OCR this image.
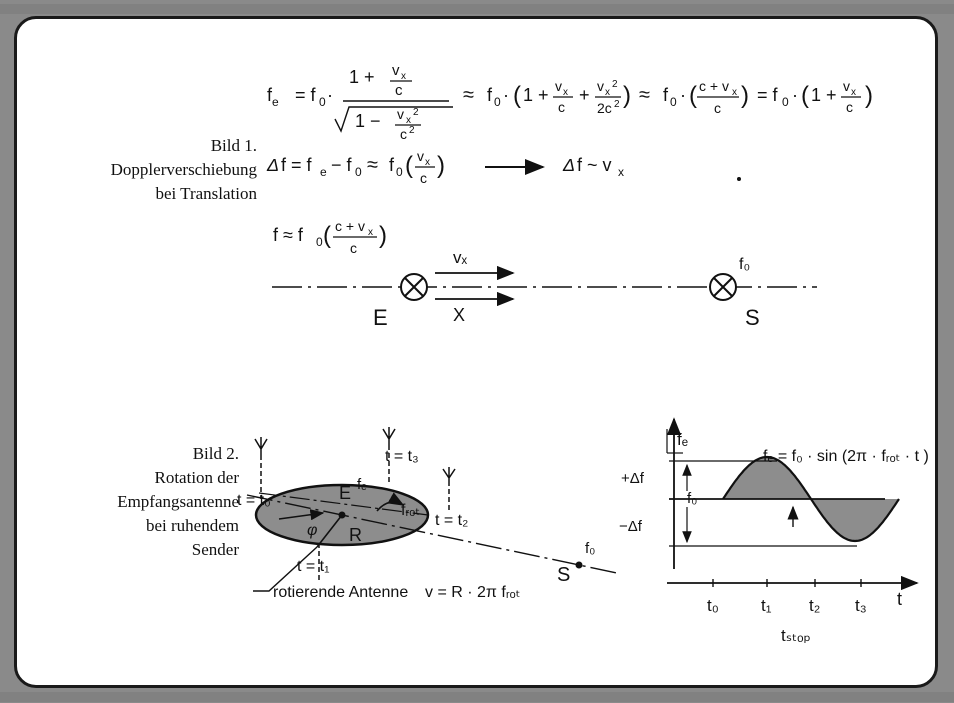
Bild 1.
Dopplerverschiebung
bei Translation
$f_e = f$ 0 ·
1 + v x
c
1 − v x
2
c 2
≈ f 0 · ( 1 + v x
c
+ v x
2
2c 2 ) ≈ f 0 · ( c + v x
c ) = f 0 · ( 1 + v x
c )
Δ f = f e − f 0 ≈ f 0 ( v x
c )	Δ f ~ v x
f ≈ f 0 ( c + v x
c )
E
vₓ
X
f₀
S
Bild 2.
Rotation der
Empfangsantenne
bei ruhendem
Sender
t = t₀
t = t₁
t = t₂
t = t₃
E fₑ
R
φ
fᵣₒₜ
S
f₀
rotierende Antenne v = R · 2π fᵣₒₜ
fₑ
fₑ = f₀ · sin (2π · fᵣₒₜ · t )
+Δf
f₀
−Δf
t₀ t₁ t₂ t₃ t
tₛₜₒₚ
